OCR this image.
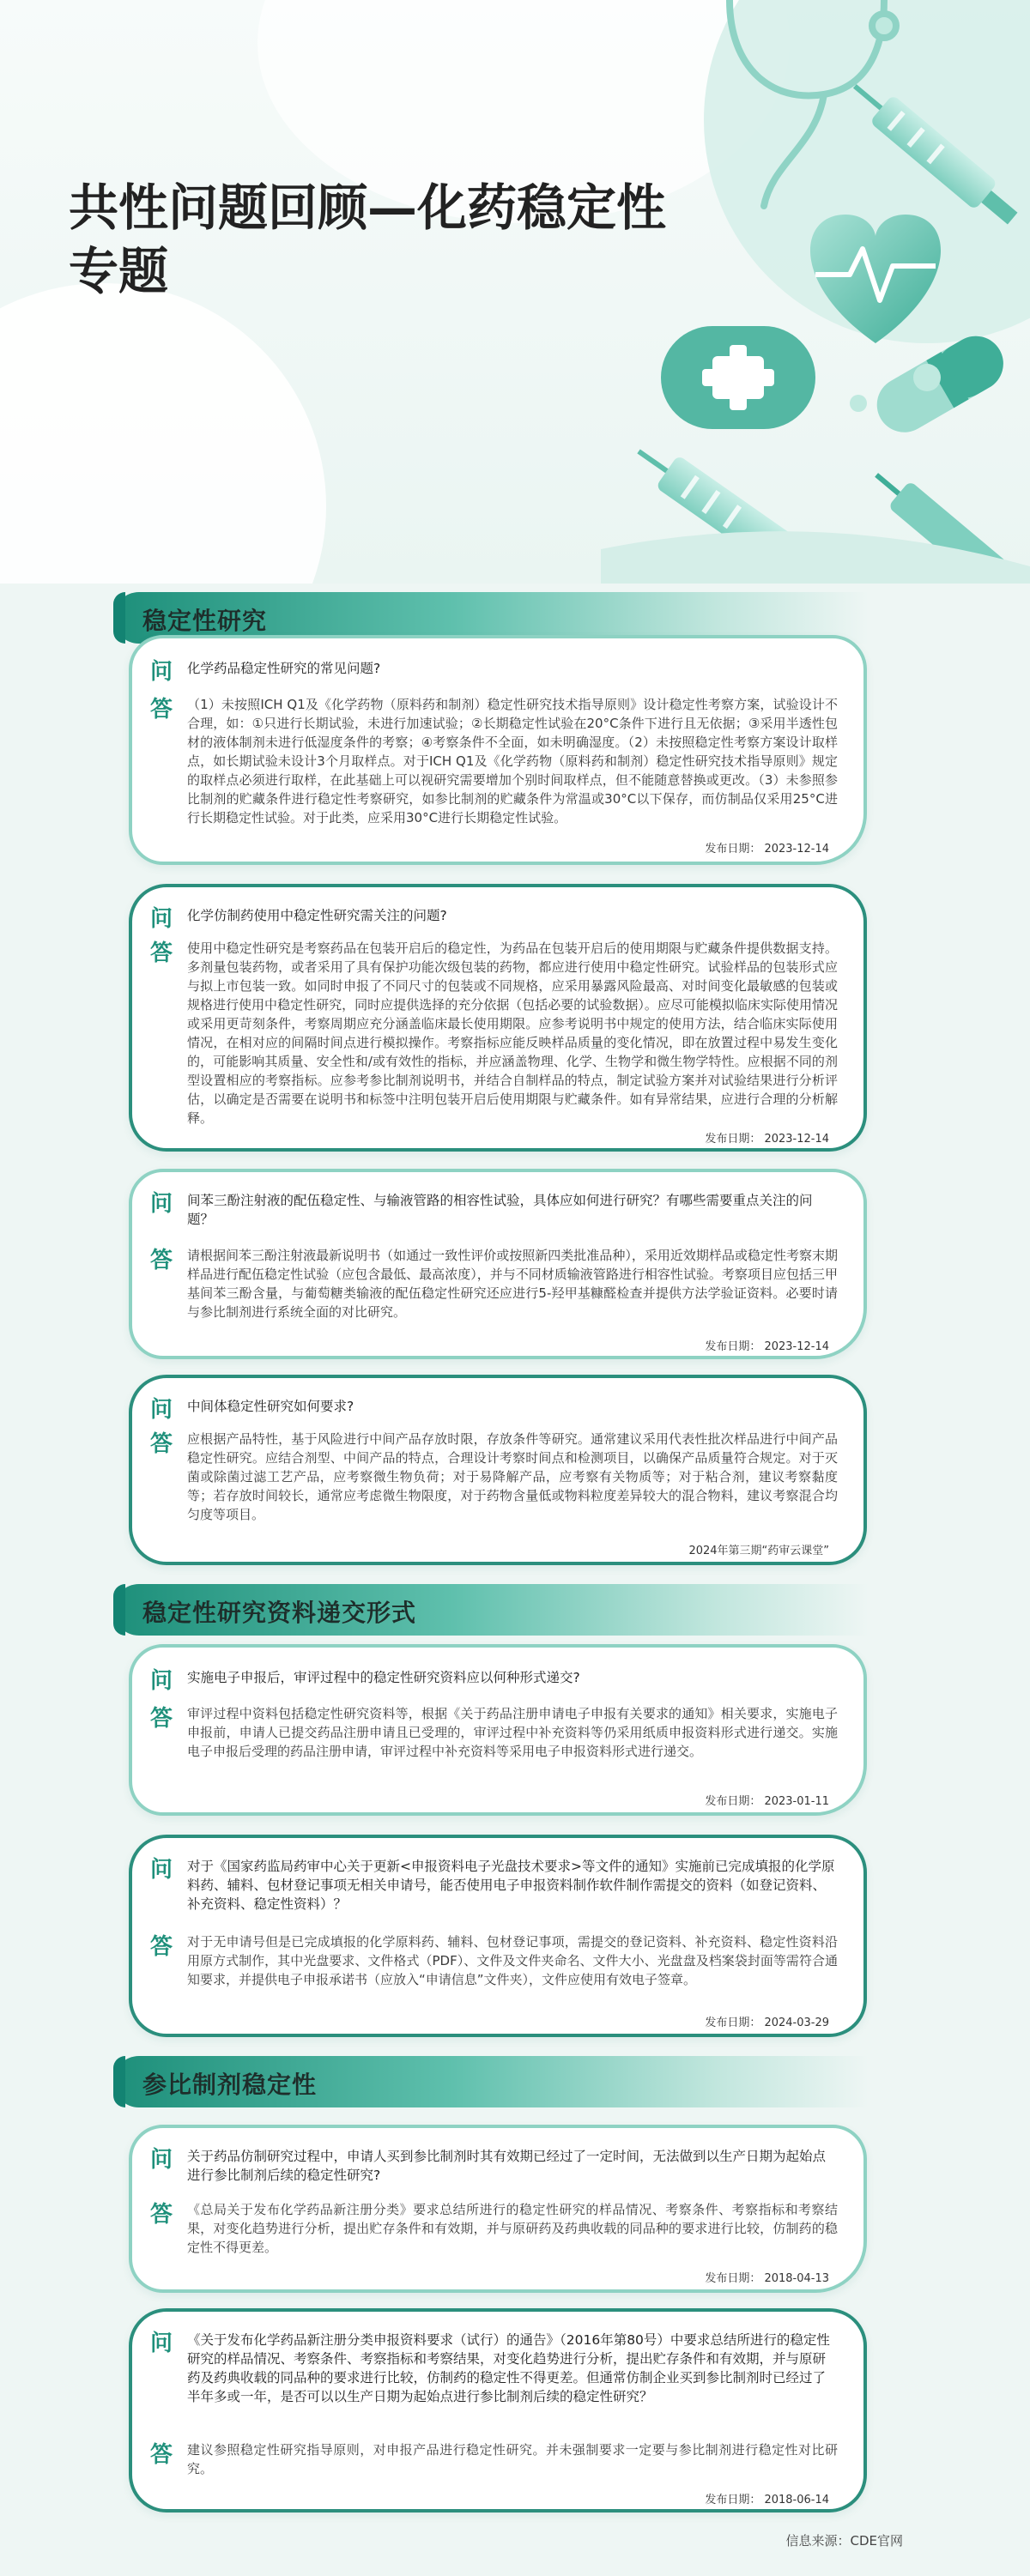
共性问题回顾—化药稳定性
专题
稳定性研究
问	化学药品稳定性研究的常见问题?
答	（1）未按照ICH Q1及《化学药物（原料药和制剂）稳定性研究技术指导原则》设计稳定性考察方案，试验设计不合理，如：①只进行长期试验，未进行加速试验；②长期稳定性试验在20°C条件下进行且无依据；③采用半透性包材的液体制剂未进行低湿度条件的考察；④考察条件不全面，如未明确湿度。（2）未按照稳定性考察方案设计取样点，如长期试验未设计3个月取样点。对于ICH Q1及《化学药物（原料药和制剂）稳定性研究技术指导原则》规定的取样点必须进行取样，在此基础上可以视研究需要增加个别时间取样点，但不能随意替换或更改。（3）未参照参比制剂的贮藏条件进行稳定性考察研究，如参比制剂的贮藏条件为常温或30°C以下保存，而仿制品仅采用25°C进行长期稳定性试验。对于此类，应采用30°C进行长期稳定性试验。
发布日期： 2023-12-14
问	化学仿制药使用中稳定性研究需关注的问题?
答	使用中稳定性研究是考察药品在包装开启后的稳定性，为药品在包装开启后的使用期限与贮藏条件提供数据支持。多剂量包装药物，或者采用了具有保护功能次级包装的药物，都应进行使用中稳定性研究。试验样品的包装形式应与拟上市包装一致。如同时申报了不同尺寸的包装或不同规格，应采用暴露风险最高、对时间变化最敏感的包装或规格进行使用中稳定性研究，同时应提供选择的充分依据（包括必要的试验数据）。应尽可能模拟临床实际使用情况或采用更苛刻条件，考察周期应充分涵盖临床最长使用期限。应参考说明书中规定的使用方法，结合临床实际使用情况，在相对应的间隔时间点进行模拟操作。考察指标应能反映样品质量的变化情况，即在放置过程中易发生变化的，可能影响其质量、安全性和/或有效性的指标，并应涵盖物理、化学、生物学和微生物学特性。应根据不同的剂型设置相应的考察指标。应参考参比制剂说明书，并结合自制样品的特点，制定试验方案并对试验结果进行分析评估，以确定是否需要在说明书和标签中注明包装开启后使用期限与贮藏条件。如有异常结果，应进行合理的分析解释。
发布日期： 2023-12-14
问	间苯三酚注射液的配伍稳定性、与输液管路的相容性试验，具体应如何进行研究？有哪些需要重点关注的问题？
答	请根据间苯三酚注射液最新说明书（如通过一致性评价或按照新四类批准品种），采用近效期样品或稳定性考察末期样品进行配伍稳定性试验（应包含最低、最高浓度），并与不同材质输液管路进行相容性试验。考察项目应包括三甲基间苯三酚含量，与葡萄糖类输液的配伍稳定性研究还应进行5-羟甲基糠醛检查并提供方法学验证资料。必要时请与参比制剂进行系统全面的对比研究。
发布日期： 2023-12-14
问	中间体稳定性研究如何要求?
答	应根据产品特性，基于风险进行中间产品存放时限，存放条件等研究。通常建议采用代表性批次样品进行中间产品稳定性研究。应结合剂型、中间产品的特点，合理设计考察时间点和检测项目，以确保产品质量符合规定。对于灭菌或除菌过滤工艺产品，应考察微生物负荷；对于易降解产品，应考察有关物质等；对于粘合剂，建议考察黏度等；若存放时间较长，通常应考虑微生物限度，对于药物含量低或物料粒度差异较大的混合物料，建议考察混合均匀度等项目。
2024年第三期“药审云课堂”
稳定性研究资料递交形式
问	实施电子申报后，审评过程中的稳定性研究资料应以何种形式递交?
答	审评过程中资料包括稳定性研究资料等，根据《关于药品注册申请电子申报有关要求的通知》相关要求，实施电子申报前，申请人已提交药品注册申请且已受理的，审评过程中补充资料等仍采用纸质申报资料形式进行递交。实施电子申报后受理的药品注册申请，审评过程中补充资料等采用电子申报资料形式进行递交。
发布日期： 2023-01-11
问	对于《国家药监局药审中心关于更新<申报资料电子光盘技术要求>等文件的通知》实施前已完成填报的化学原料药、辅料、包材登记事项无相关申请号，能否使用电子申报资料制作软件制作需提交的资料（如登记资料、补充资料、稳定性资料）？
答	对于无申请号但是已完成填报的化学原料药、辅料、包材登记事项，需提交的登记资料、补充资料、稳定性资料沿用原方式制作，其中光盘要求、文件格式（PDF）、文件及文件夹命名、文件大小、光盘盘及档案袋封面等需符合通知要求，并提供电子申报承诺书（应放入“申请信息”文件夹），文件应使用有效电子签章。
发布日期： 2024-03-29
参比制剂稳定性
问	关于药品仿制研究过程中，申请人买到参比制剂时其有效期已经过了一定时间，无法做到以生产日期为起始点进行参比制剂后续的稳定性研究?
答	《总局关于发布化学药品新注册分类》要求总结所进行的稳定性研究的样品情况、考察条件、考察指标和考察结果，对变化趋势进行分析，提出贮存条件和有效期，并与原研药及药典收载的同品种的要求进行比较，仿制药的稳定性不得更差。
发布日期： 2018-04-13
问	《关于发布化学药品新注册分类申报资料要求（试行）的通告》（2016年第80号）中要求总结所进行的稳定性研究的样品情况、考察条件、考察指标和考察结果，对变化趋势进行分析，提出贮存条件和有效期，并与原研药及药典收载的同品种的要求进行比较，仿制药的稳定性不得更差。但通常仿制企业买到参比制剂时已经过了半年多或一年，是否可以以生产日期为起始点进行参比制剂后续的稳定性研究？
答	建议参照稳定性研究指导原则，对申报产品进行稳定性研究。并未强制要求一定要与参比制剂进行稳定性对比研究。
发布日期： 2018-06-14
信息来源：CDE官网
